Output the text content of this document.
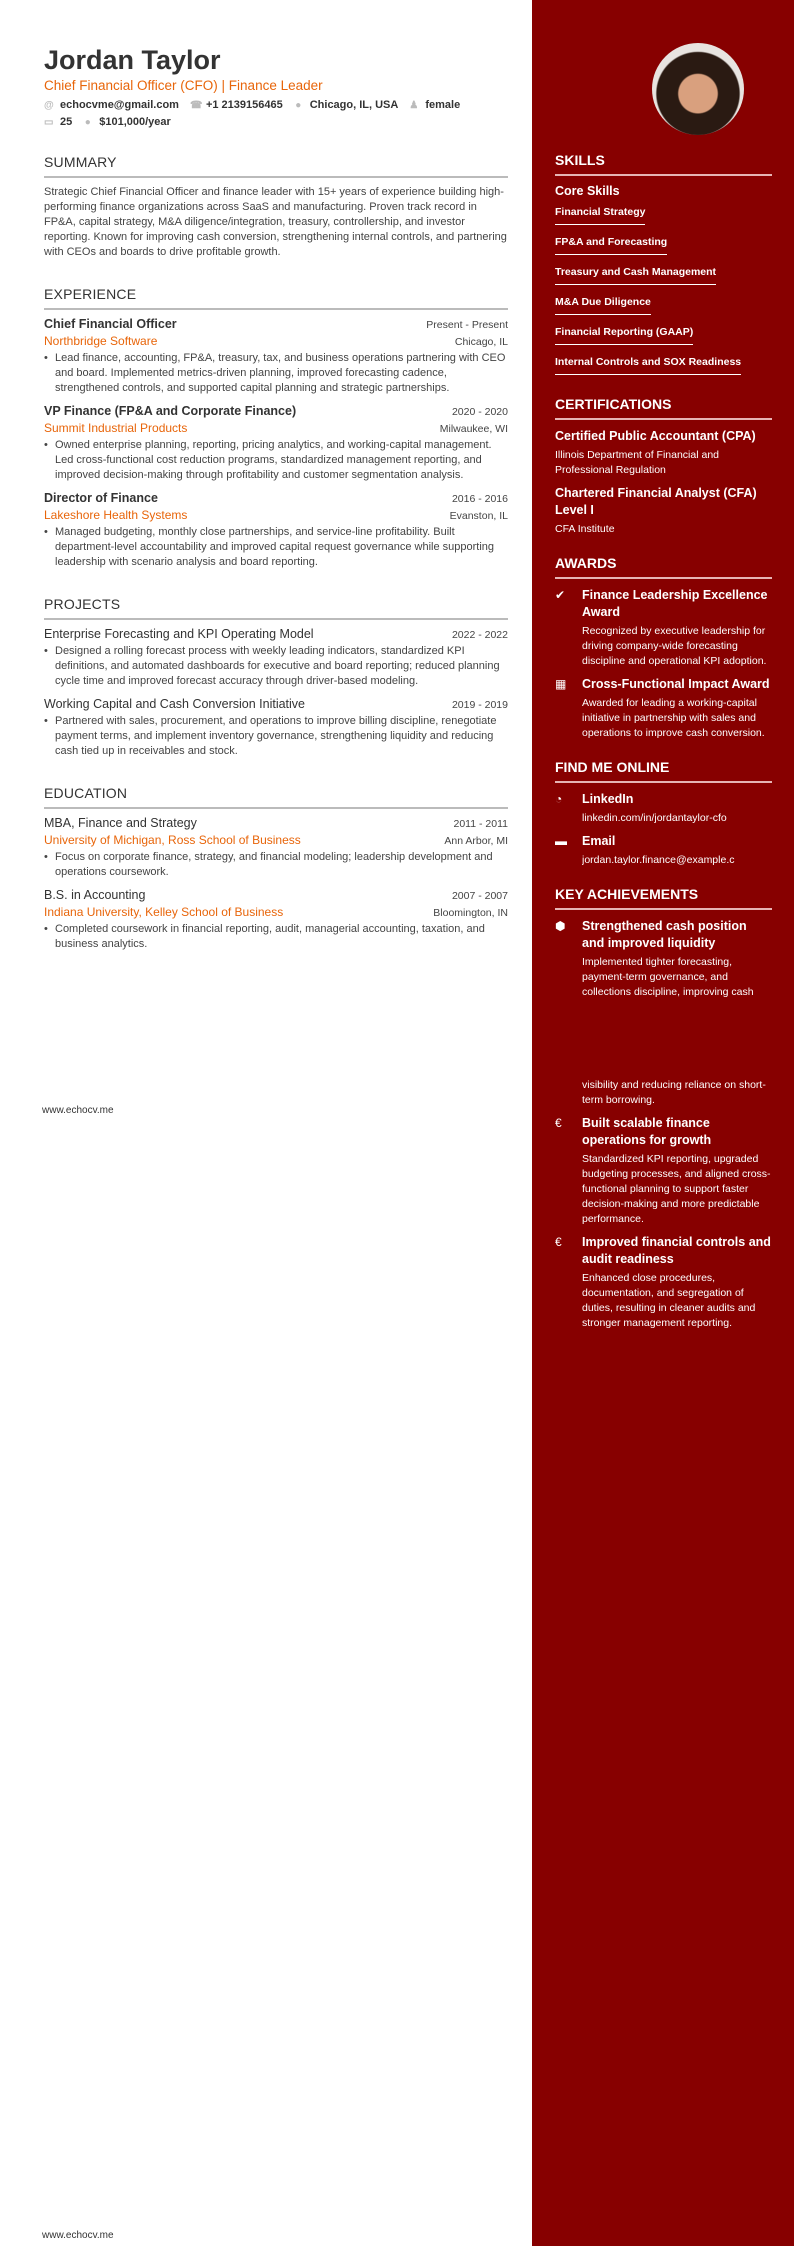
Jordan Taylor
Chief Financial Officer (CFO) | Finance Leader
@ echocvme@gmail.com ☎ +1 2139156465 ● Chicago, IL, USA ♟ female
▭ 25 ● $101,000/year
SUMMARY

Strategic Chief Financial Officer and finance leader with 15+ years of experience building high-performing finance organizations across SaaS and manufacturing. Proven track record in FP&A, capital strategy, M&A diligence/integration, treasury, controllership, and investor reporting. Known for improving cash conversion, strengthening internal controls, and partnering with CEOs and boards to drive profitable growth.

EXPERIENCE
Chief Financial Officer	Present - Present
Northbridge Software	Chicago, IL
• Lead finance, accounting, FP&A, treasury, tax, and business operations partnering with CEO and board. Implemented metrics-driven planning, improved forecasting cadence, strengthened controls, and supported capital planning and strategic partnerships.
VP Finance (FP&A and Corporate Finance)	2020 - 2020
Summit Industrial Products	Milwaukee, WI
• Owned enterprise planning, reporting, pricing analytics, and working-capital management. Led cross-functional cost reduction programs, standardized management reporting, and improved decision-making through profitability and customer segmentation analysis.
Director of Finance	2016 - 2016
Lakeshore Health Systems	Evanston, IL
• Managed budgeting, monthly close partnerships, and service-line profitability. Built department-level accountability and improved capital request governance while supporting leadership with scenario analysis and board reporting.
PROJECTS
Enterprise Forecasting and KPI Operating Model	2022 - 2022
• Designed a rolling forecast process with weekly leading indicators, standardized KPI definitions, and automated dashboards for executive and board reporting; reduced planning cycle time and improved forecast accuracy through driver-based modeling.
Working Capital and Cash Conversion Initiative	2019 - 2019
• Partnered with sales, procurement, and operations to improve billing discipline, renegotiate payment terms, and implement inventory governance, strengthening liquidity and reducing cash tied up in receivables and stock.
EDUCATION
MBA, Finance and Strategy	2011 - 2011
University of Michigan, Ross School of Business	Ann Arbor, MI
• Focus on corporate finance, strategy, and financial modeling; leadership development and operations coursework.
B.S. in Accounting	2007 - 2007
Indiana University, Kelley School of Business	Bloomington, IN
• Completed coursework in financial reporting, audit, managerial accounting, taxation, and business analytics.
www.echocv.me
www.echocv.me
SKILLS
Core Skills
Financial Strategy
FP&A and Forecasting
Treasury and Cash Management
M&A Due Diligence
Financial Reporting (GAAP)
Internal Controls and SOX Readiness
CERTIFICATIONS
Certified Public Accountant (CPA)
Illinois Department of Financial and Professional Regulation
Chartered Financial Analyst (CFA) Level I
CFA Institute
AWARDS
✔	Finance Leadership Excellence Award
Recognized by executive leadership for driving company-wide forecasting discipline and operational KPI adoption.
▦	Cross-Functional Impact Award
Awarded for leading a working-capital initiative in partnership with sales and operations to improve cash conversion.
FIND ME ONLINE
◔	LinkedIn
linkedin.com/in/jordantaylor-cfo
▬	Email
jordan.taylor.finance@example.c
KEY ACHIEVEMENTS
⬢	Strengthened cash position and improved liquidity
Implemented tighter forecasting, payment-term governance, and collections discipline, improving cash
visibility and reducing reliance on short-term borrowing.
€	Built scalable finance operations for growth
Standardized KPI reporting, upgraded budgeting processes, and aligned cross-functional planning to support faster decision-making and more predictable performance.
€	Improved financial controls and audit readiness
Enhanced close procedures, documentation, and segregation of duties, resulting in cleaner audits and stronger management reporting.
